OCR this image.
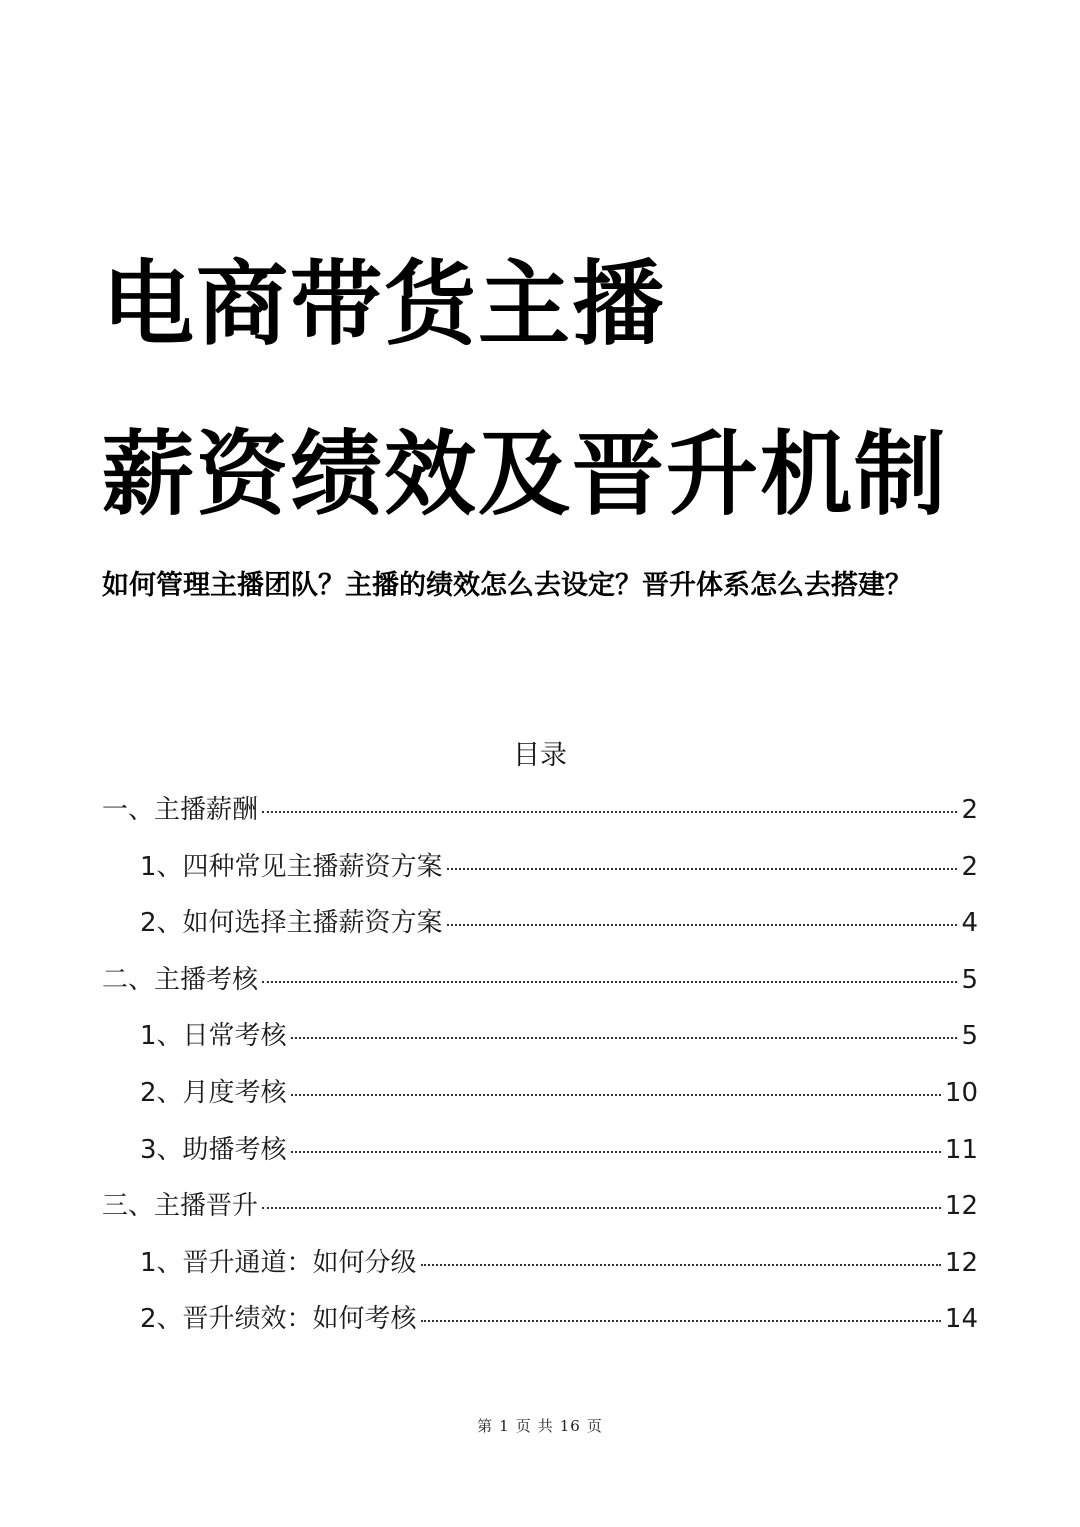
电商带货主播
薪资绩效及晋升机制
如何管理主播团队？主播的绩效怎么去设定？晋升体系怎么去搭建？
目录
一、主播薪酬	2
1、四种常见主播薪资方案	2
2、如何选择主播薪资方案	4
二、主播考核	5
1、日常考核	5
2、月度考核	10
3、助播考核	11
三、主播晋升	12
1、晋升通道：如何分级	12
2、晋升绩效：如何考核	14
第 1 页 共 16 页
